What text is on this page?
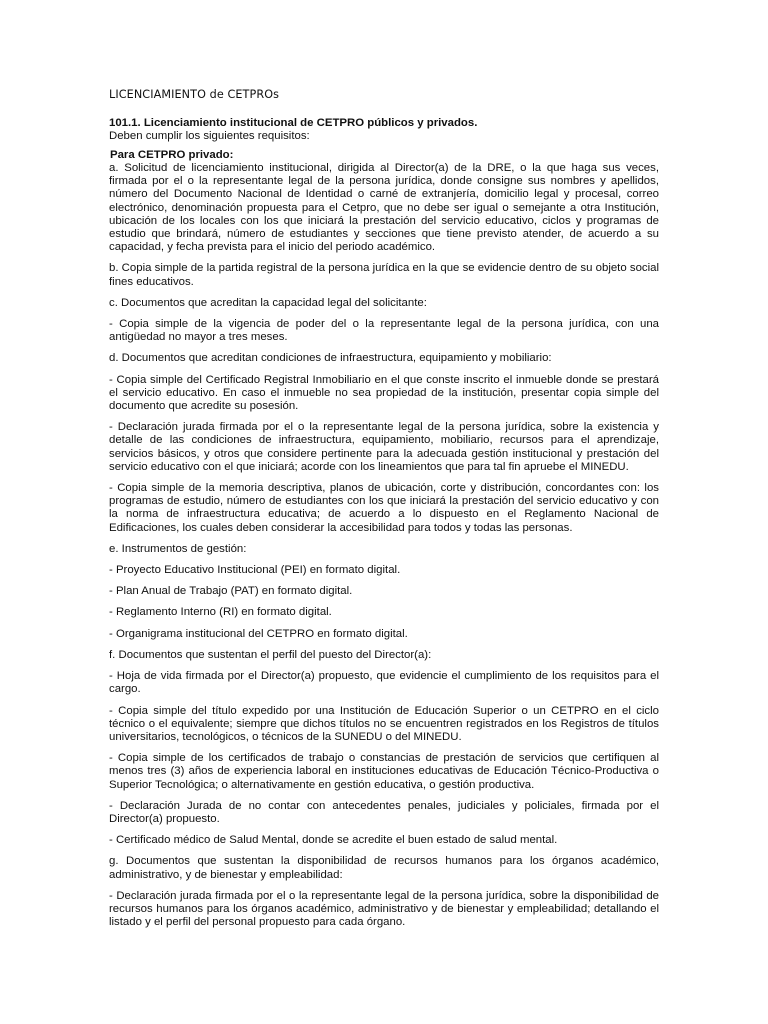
LICENCIAMIENTO de CETPROs
101.1. Licenciamiento institucional de CETPRO públicos y privados.
Deben cumplir los siguientes requisitos:
Para CETPRO privado:

a. Solicitud de licenciamiento institucional, dirigida al Director(a) de la DRE, o la que haga sus veces, firmada por el o la representante legal de la persona jurídica, donde consigne sus nombres y apellidos, número del Documento Nacional de Identidad o carné de extranjería, domicilio legal y procesal, correo electrónico, denominación propuesta para el Cetpro, que no debe ser igual o semejante a otra Institución, ubicación de los locales con los que iniciará la prestación del servicio educativo, ciclos y programas de estudio que brindará, número de estudiantes y secciones que tiene previsto atender, de acuerdo a su capacidad, y fecha prevista para el inicio del periodo académico.

b. Copia simple de la partida registral de la persona jurídica en la que se evidencie dentro de su objeto social fines educativos.

c. Documentos que acreditan la capacidad legal del solicitante:

- Copia simple de la vigencia de poder del o la representante legal de la persona jurídica, con una antigüedad no mayor a tres meses.

d. Documentos que acreditan condiciones de infraestructura, equipamiento y mobiliario:

- Copia simple del Certificado Registral Inmobiliario en el que conste inscrito el inmueble donde se prestará el servicio educativo. En caso el inmueble no sea propiedad de la institución, presentar copia simple del documento que acredite su posesión.

- Declaración jurada firmada por el o la representante legal de la persona jurídica, sobre la existencia y detalle de las condiciones de infraestructura, equipamiento, mobiliario, recursos para el aprendizaje, servicios básicos, y otros que considere pertinente para la adecuada gestión institucional y prestación del servicio educativo con el que iniciará; acorde con los lineamientos que para tal fin apruebe el MINEDU.

- Copia simple de la memoria descriptiva, planos de ubicación, corte y distribución, concordantes con: los programas de estudio, número de estudiantes con los que iniciará la prestación del servicio educativo y con la norma de infraestructura educativa; de acuerdo a lo dispuesto en el Reglamento Nacional de Edificaciones, los cuales deben considerar la accesibilidad para todos y todas las personas.

e. Instrumentos de gestión:

- Proyecto Educativo Institucional (PEI) en formato digital.

- Plan Anual de Trabajo (PAT) en formato digital.

- Reglamento Interno (RI) en formato digital.

- Organigrama institucional del CETPRO en formato digital.

f. Documentos que sustentan el perfil del puesto del Director(a):

- Hoja de vida firmada por el Director(a) propuesto, que evidencie el cumplimiento de los requisitos para el cargo.

- Copia simple del título expedido por una Institución de Educación Superior o un CETPRO en el ciclo técnico o el equivalente; siempre que dichos títulos no se encuentren registrados en los Registros de títulos universitarios, tecnológicos, o técnicos de la SUNEDU o del MINEDU.

- Copia simple de los certificados de trabajo o constancias de prestación de servicios que certifiquen al menos tres (3) años de experiencia laboral en instituciones educativas de Educación Técnico-Productiva o Superior Tecnológica; o alternativamente en gestión educativa, o gestión productiva.

- Declaración Jurada de no contar con antecedentes penales, judiciales y policiales, firmada por el Director(a) propuesto.

- Certificado médico de Salud Mental, donde se acredite el buen estado de salud mental.

g. Documentos que sustentan la disponibilidad de recursos humanos para los órganos académico, administrativo, y de bienestar y empleabilidad:

- Declaración jurada firmada por el o la representante legal de la persona jurídica, sobre la disponibilidad de recursos humanos para los órganos académico, administrativo y de bienestar y empleabilidad; detallando el listado y el perfil del personal propuesto para cada órgano.
